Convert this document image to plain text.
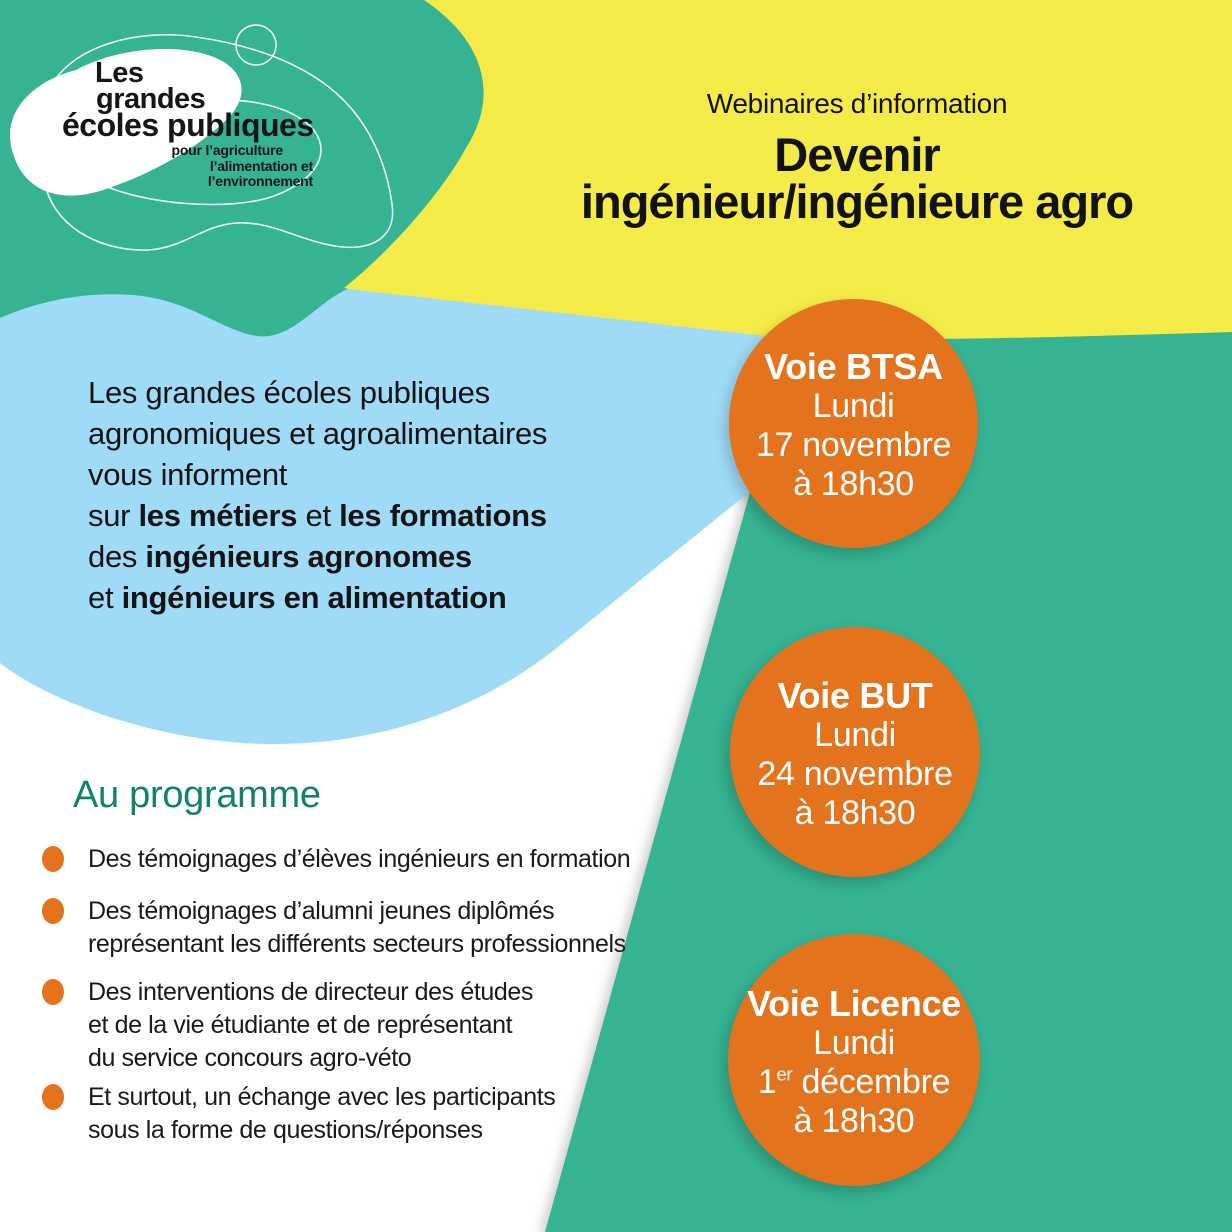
Les
grandes
écoles publiques
pour l’agriculture
l’alimentation et
l’environnement
Webinaires d’information
Devenir
ingénieur/ingénieure agro
Les grandes écoles publiques
agronomiques et agroalimentaires
vous informent
sur les métiers et les formations
des ingénieurs agronomes
et ingénieurs en alimentation
Au programme
Des témoignages d’élèves ingénieurs en formation
Des témoignages d’alumni jeunes diplômés
représentant les différents secteurs professionnels
Des interventions de directeur des études
et de la vie étudiante et de représentant
du service concours agro-véto
Et surtout, un échange avec les participants
sous la forme de questions/réponses
Voie BTSA
Lundi
17 novembre
à 18h30
Voie BUT
Lundi
24 novembre
à 18h30
Voie Licence
Lundi
1er décembre
à 18h30
